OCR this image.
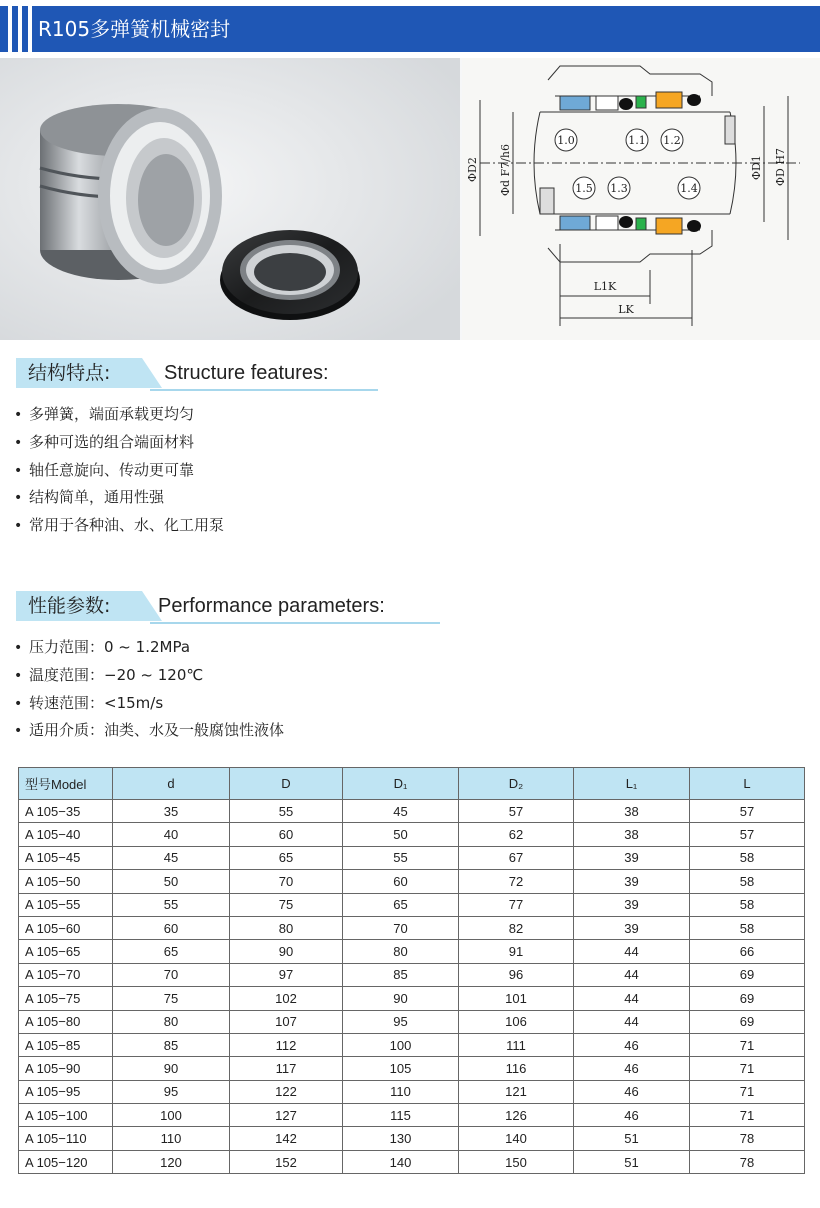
R105多弹簧机械密封
1.0	1.1 1.2
1.5 1.3	1.4
L1K
LK
ΦD2 Φd F7/h6	ΦD1 ΦD H7
结构特点:	Structure features:
• 多弹簧，端面承载更均匀
• 多种可选的组合端面材料
• 轴任意旋向、传动更可靠
• 结构简单，通用性强
• 常用于各种油、水、化工用泵
性能参数: Performance parameters:
• 压力范围：0 ~ 1.2MPa
• 温度范围：−20 ~ 120℃
• 转速范围：<15m/s
• 适用介质：油类、水及一般腐蚀性液体
型号Model	d	D	D₁	D₂	L₁	L
A 105−35	35	55	45	57	38	57
A 105−40	40	60	50	62	38	57
A 105−45	45	65	55	67	39	58
A 105−50	50	70	60	72	39	58
A 105−55	55	75	65	77	39	58
A 105−60	60	80	70	82	39	58
A 105−65	65	90	80	91	44	66
A 105−70	70	97	85	96	44	69
A 105−75	75	102	90	101	44	69
A 105−80	80	107	95	106	44	69
A 105−85	85	112	100	111	46	71
A 105−90	90	117	105	116	46	71
A 105−95	95	122	110	121	46	71
A 105−100	100	127	115	126	46	71
A 105−110	110	142	130	140	51	78
A 105−120	120	152	140	150	51	78
